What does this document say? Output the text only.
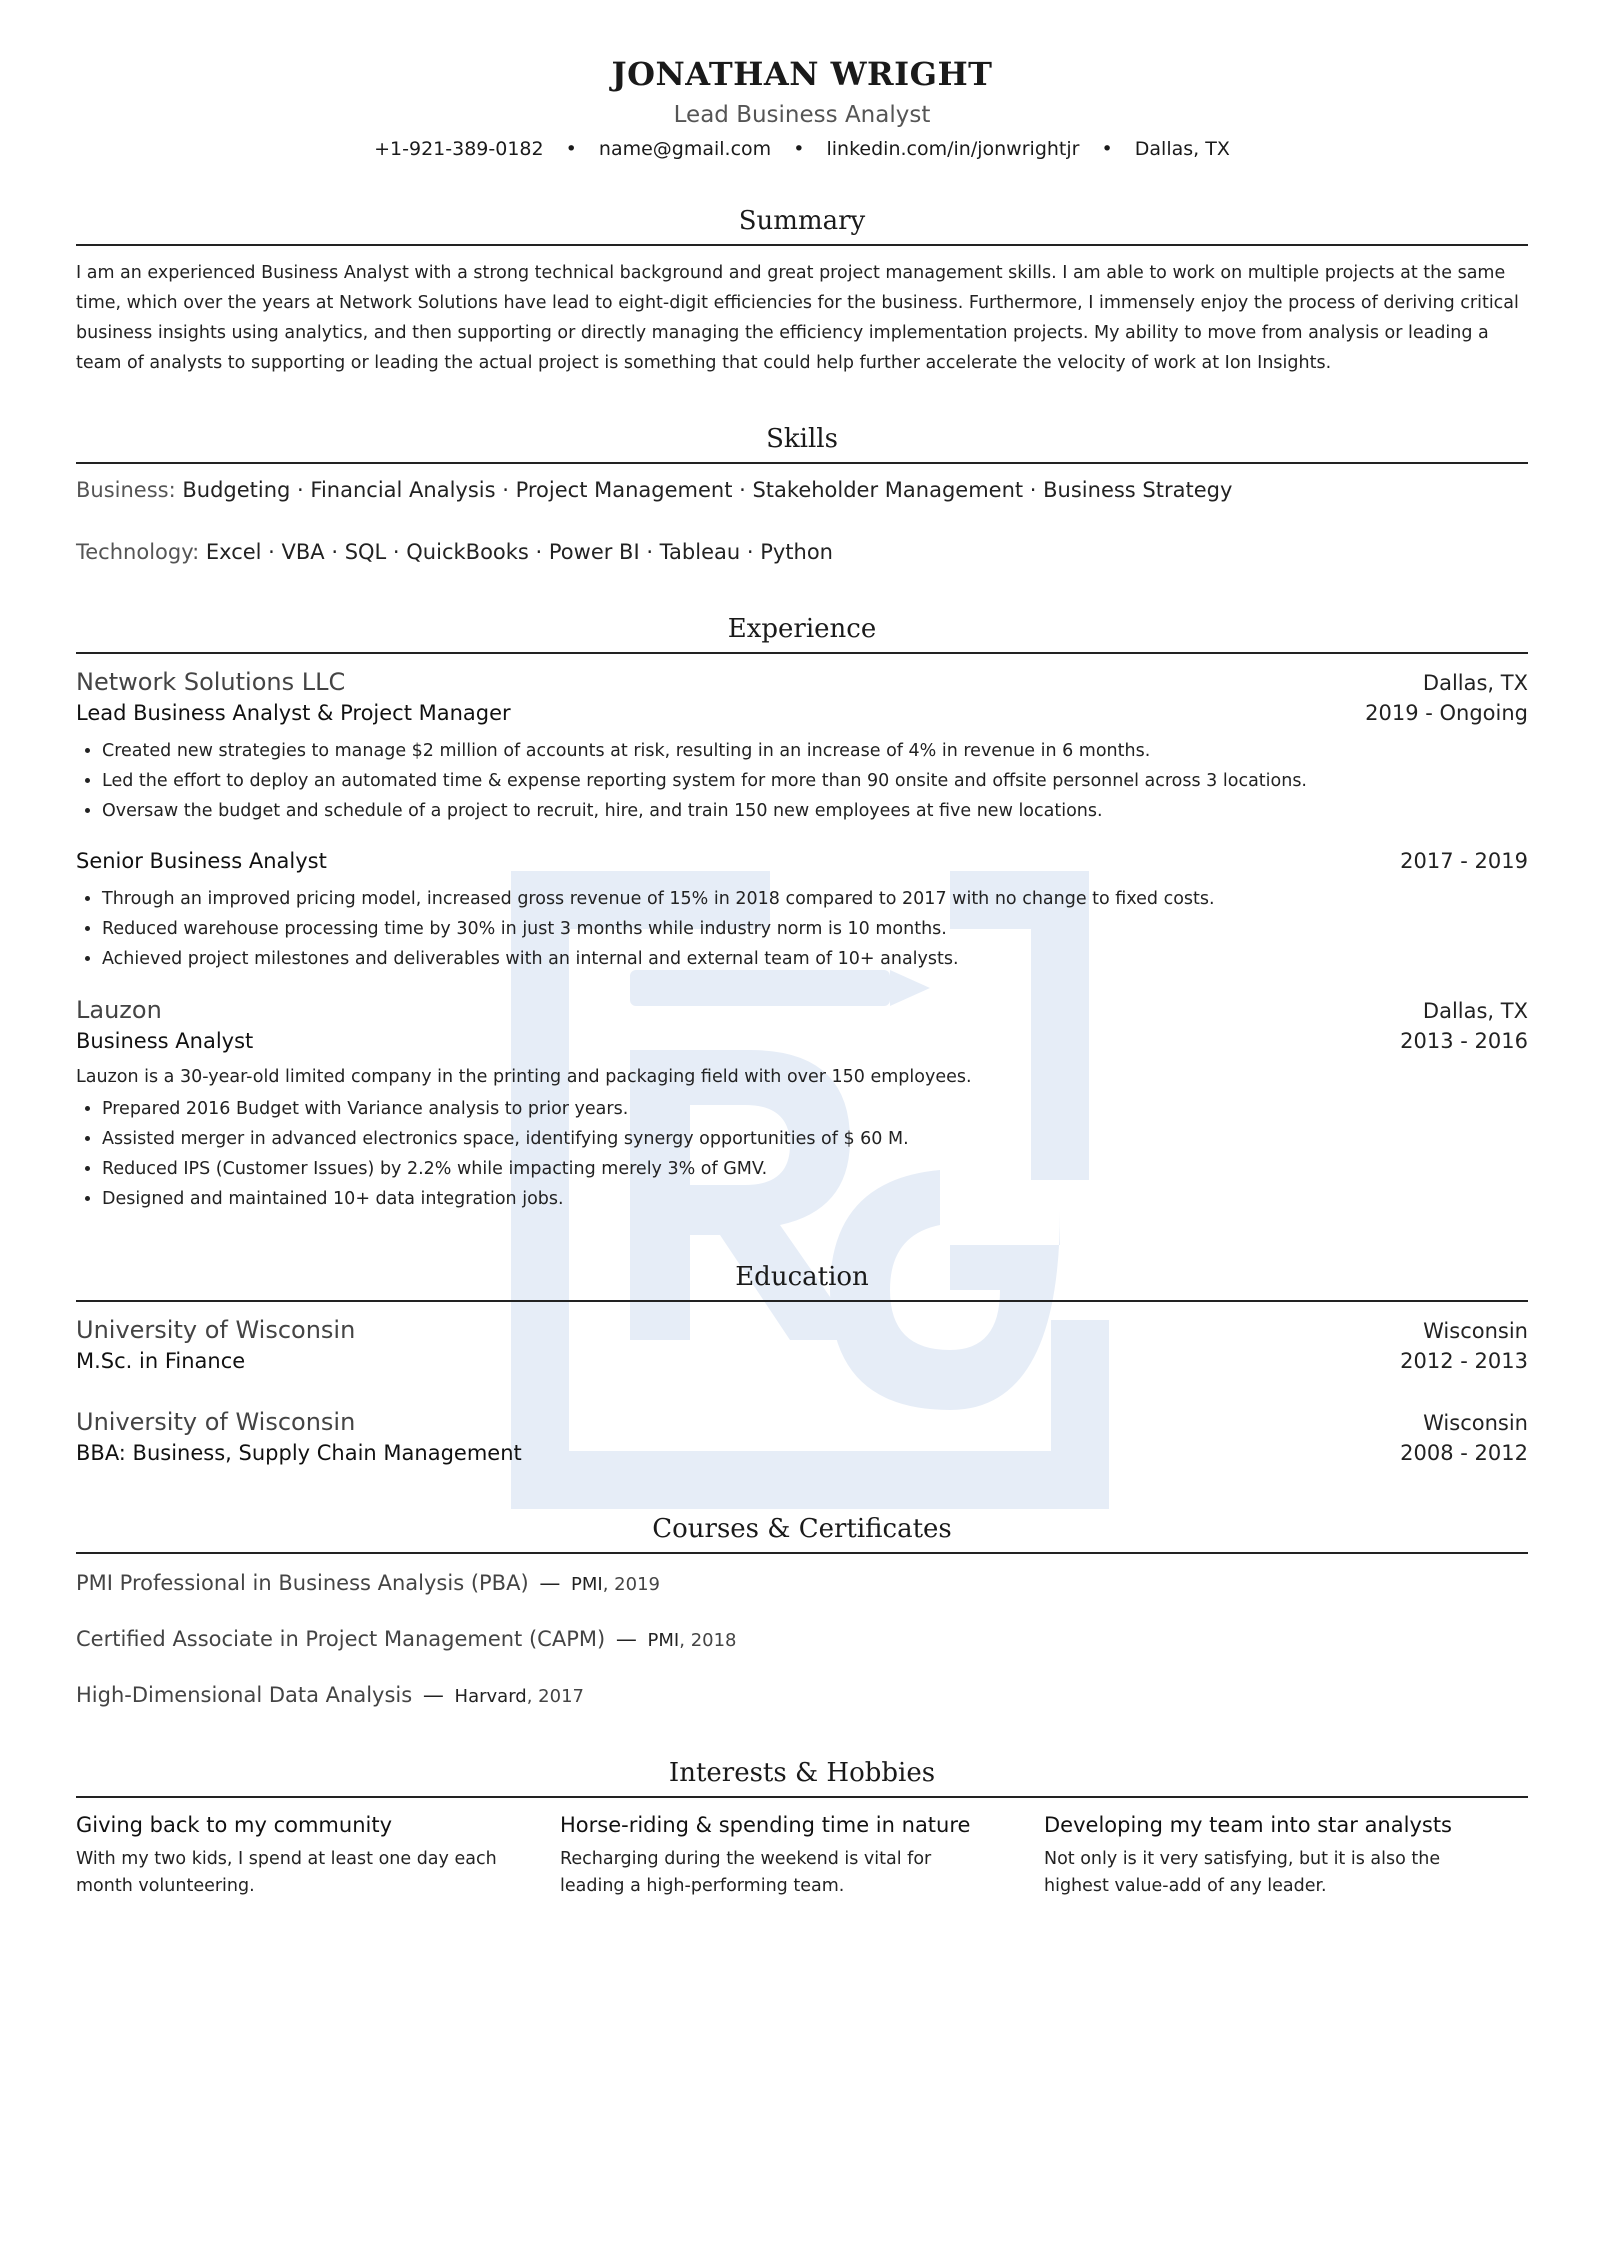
JONATHAN WRIGHT
Lead Business Analyst
+1-921-389-0182 • name@gmail.com • linkedin.com/in/jonwrightjr • Dallas, TX
Summary
I am an experienced Business Analyst with a strong technical background and great project management skills. I am able to work on multiple projects at the same time, which over the years at Network Solutions have lead to eight-digit efficiencies for the business. Furthermore, I immensely enjoy the process of deriving critical business insights using analytics, and then supporting or directly managing the efficiency implementation projects. My ability to move from analysis or leading a team of analysts to supporting or leading the actual project is something that could help further accelerate the velocity of work at Ion Insights.
Skills
Business: Budgeting · Financial Analysis · Project Management · Stakeholder Management · Business Strategy
Technology: Excel · VBA · SQL · QuickBooks · Power BI · Tableau · Python
Experience
Network Solutions LLC	Dallas, TX
Lead Business Analyst & Project Manager	2019 - Ongoing
• Created new strategies to manage $2 million of accounts at risk, resulting in an increase of 4% in revenue in 6 months.
• Led the effort to deploy an automated time & expense reporting system for more than 90 onsite and offsite personnel across 3 locations.
• Oversaw the budget and schedule of a project to recruit, hire, and train 150 new employees at five new locations.
Senior Business Analyst	2017 - 2019
• Through an improved pricing model, increased gross revenue of 15% in 2018 compared to 2017 with no change to fixed costs.
• Reduced warehouse processing time by 30% in just 3 months while industry norm is 10 months.
• Achieved project milestones and deliverables with an internal and external team of 10+ analysts.
Lauzon	Dallas, TX
Business Analyst	2013 - 2016
Lauzon is a 30-year-old limited company in the printing and packaging field with over 150 employees.
• Prepared 2016 Budget with Variance analysis to prior years.
• Assisted merger in advanced electronics space, identifying synergy opportunities of $ 60 M.
• Reduced IPS (Customer Issues) by 2.2% while impacting merely 3% of GMV.
• Designed and maintained 10+ data integration jobs.
Education
University of Wisconsin	Wisconsin
M.Sc. in Finance	2012 - 2013
University of Wisconsin	Wisconsin
BBA: Business, Supply Chain Management	2008 - 2012
Courses & Certificates
PMI Professional in Business Analysis (PBA) — PMI, 2019
Certified Associate in Project Management (CAPM) — PMI, 2018
High-Dimensional Data Analysis — Harvard, 2017
Interests & Hobbies
Giving back to my community

With my two kids, I spend at least one day each month volunteering.

Horse-riding & spending time in nature

Recharging during the weekend is vital for leading a high-performing team.

Developing my team into star analysts

Not only is it very satisfying, but it is also the highest value-add of any leader.
